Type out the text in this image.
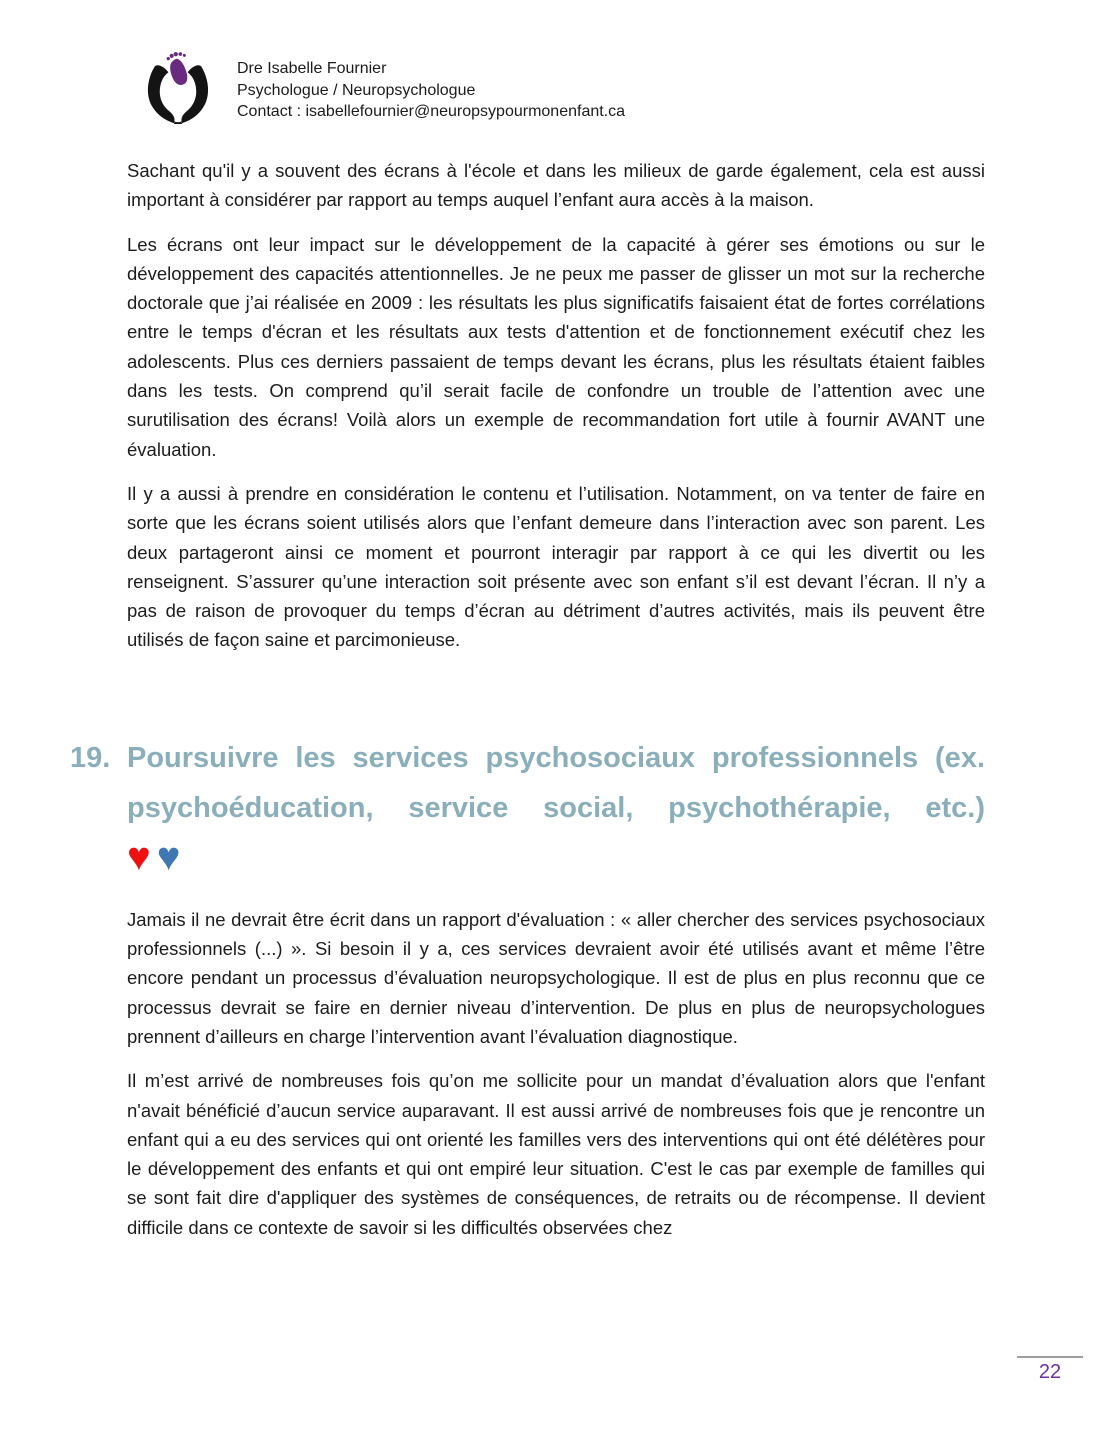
Dre Isabelle Fournier
Psychologue / Neuropsychologue
Contact : isabellefournier@neuropsypourmonenfant.ca

Sachant qu'il y a souvent des écrans à l'école et dans les milieux de garde également, cela est aussi important à considérer par rapport au temps auquel l’enfant aura accès à la maison.

Les écrans ont leur impact sur le développement de la capacité à gérer ses émotions ou sur le développement des capacités attentionnelles. Je ne peux me passer de glisser un mot sur la recherche doctorale que j’ai réalisée en 2009 : les résultats les plus significatifs faisaient état de fortes corrélations entre le temps d'écran et les résultats aux tests d'attention et de fonctionnement exécutif chez les adolescents. Plus ces derniers passaient de temps devant les écrans, plus les résultats étaient faibles dans les tests. On comprend qu’il serait facile de confondre un trouble de l’attention avec une surutilisation des écrans! Voilà alors un exemple de recommandation fort utile à fournir AVANT une évaluation.

Il y a aussi à prendre en considération le contenu et l’utilisation. Notamment, on va tenter de faire en sorte que les écrans soient utilisés alors que l’enfant demeure dans l’interaction avec son parent. Les deux partageront ainsi ce moment et pourront interagir par rapport à ce qui les divertit ou les renseignent. S’assurer qu’une interaction soit présente avec son enfant s’il est devant l’écran. Il n’y a pas de raison de provoquer du temps d’écran au détriment d’autres activités, mais ils peuvent être utilisés de façon saine et parcimonieuse.

19. Poursuivre les services psychosociaux professionnels (ex.
psychoéducation, service social, psychothérapie, etc.)
♥ ♥

Jamais il ne devrait être écrit dans un rapport d'évaluation : « aller chercher des services psychosociaux professionnels (...) ». Si besoin il y a, ces services devraient avoir été utilisés avant et même l’être encore pendant un processus d’évaluation neuropsychologique. Il est de plus en plus reconnu que ce processus devrait se faire en dernier niveau d’intervention. De plus en plus de neuropsychologues prennent d’ailleurs en charge l’intervention avant l’évaluation diagnostique.

Il m’est arrivé de nombreuses fois qu’on me sollicite pour un mandat d’évaluation alors que l'enfant n'avait bénéficié d’aucun service auparavant. Il est aussi arrivé de nombreuses fois que je rencontre un enfant qui a eu des services qui ont orienté les familles vers des interventions qui ont été délétères pour le développement des enfants et qui ont empiré leur situation. C'est le cas par exemple de familles qui se sont fait dire d'appliquer des systèmes de conséquences, de retraits ou de récompense. Il devient difficile dans ce contexte de savoir si les difficultés observées chez

22
